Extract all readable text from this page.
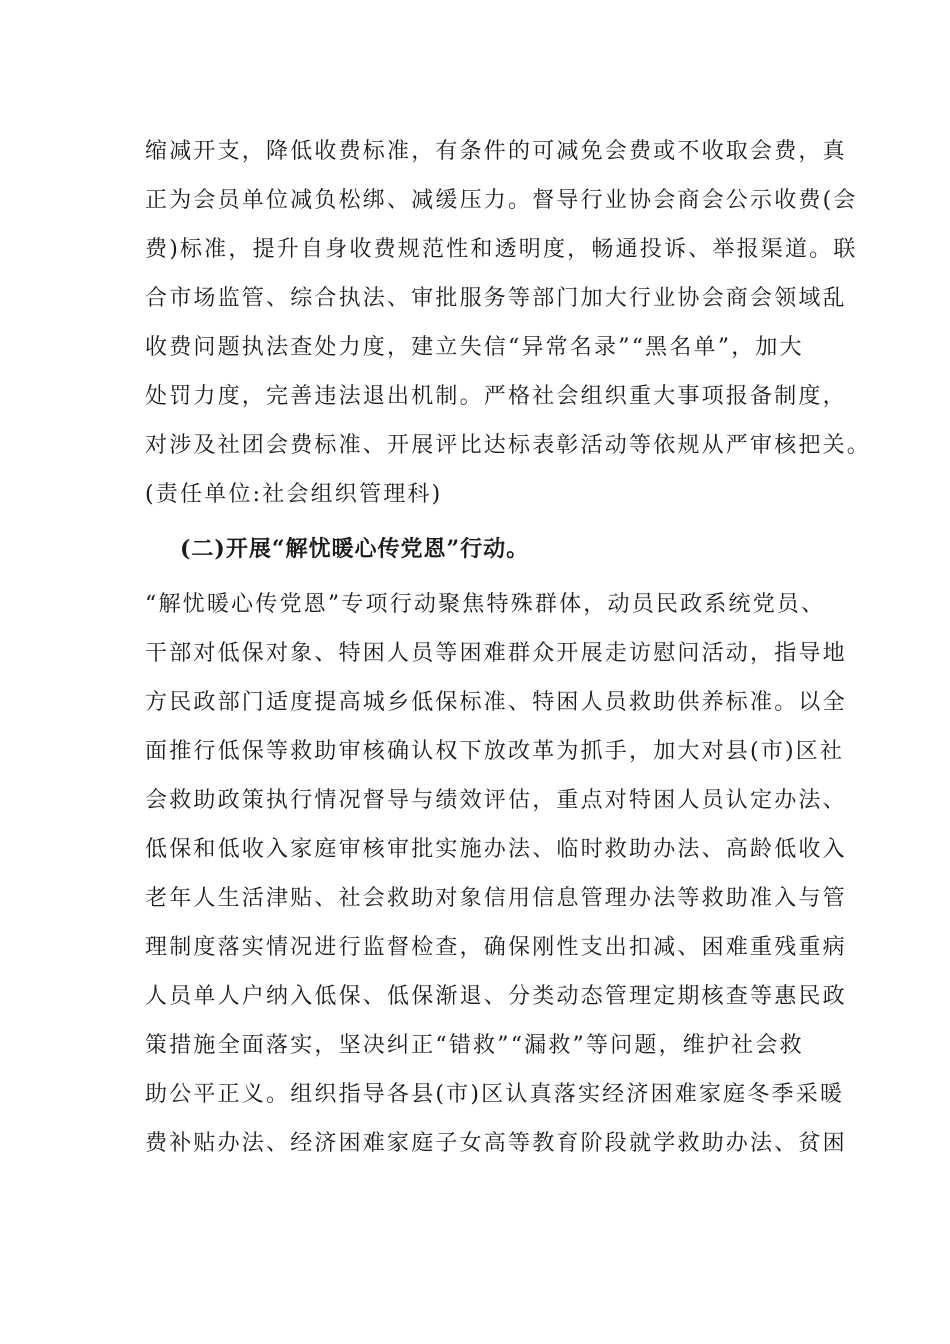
缩减开支，降低收费标准，有条件的可减免会费或不收取会费，真
正为会员单位减负松绑、减缓压力。督导行业协会商会公示收费(会
费)标准，提升自身收费规范性和透明度，畅通投诉、举报渠道。联
合市场监管、综合执法、审批服务等部门加大行业协会商会领域乱
收费问题执法查处力度，建立失信“异常名录”“黑名单”，加大
处罚力度，完善违法退出机制。严格社会组织重大事项报备制度，
对涉及社团会费标准、开展评比达标表彰活动等依规从严审核把关。
(责任单位:社会组织管理科)
(二)开展“解忧暖心传党恩”行动。
“解忧暖心传党恩”专项行动聚焦特殊群体，动员民政系统党员、
干部对低保对象、特困人员等困难群众开展走访慰问活动，指导地
方民政部门适度提高城乡低保标准、特困人员救助供养标准。以全
面推行低保等救助审核确认权下放改革为抓手，加大对县(市)区社
会救助政策执行情况督导与绩效评估，重点对特困人员认定办法、
低保和低收入家庭审核审批实施办法、临时救助办法、高龄低收入
老年人生活津贴、社会救助对象信用信息管理办法等救助准入与管
理制度落实情况进行监督检查，确保刚性支出扣减、困难重残重病
人员单人户纳入低保、低保渐退、分类动态管理定期核查等惠民政
策措施全面落实，坚决纠正“错救”“漏救”等问题，维护社会救
助公平正义。组织指导各县(市)区认真落实经济困难家庭冬季采暖
费补贴办法、经济困难家庭子女高等教育阶段就学救助办法、贫困
